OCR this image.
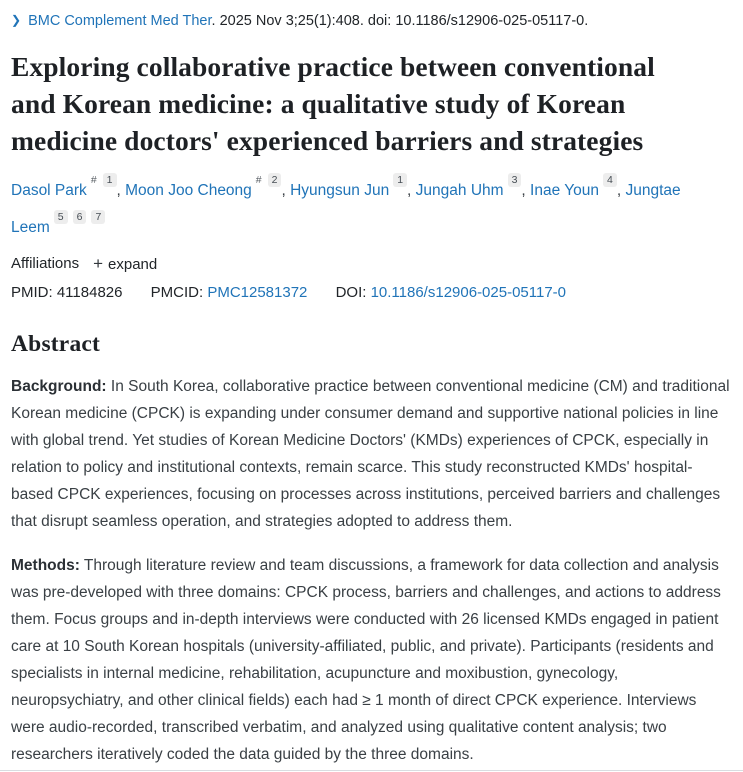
❯ BMC Complement Med Ther. 2025 Nov 3;25(1):408. doi: 10.1186/s12906-025-05117-0.
Exploring collaborative practice between conventional and Korean medicine: a qualitative study of Korean medicine doctors' experienced barriers and strategies
Dasol Park# $^1$, Moon Joo Cheong# $^2$, Hyungsun Jun$^1$, Jungah Uhm$^3$, Inae Youn$^4$, Jungtae Leem$^5$ $^6$ $^7$
Affiliations + expand
PMID: 41184826 PMCID: PMC12581372 DOI: 10.1186/s12906-025-05117-0
Abstract

Background: In South Korea, collaborative practice between conventional medicine (CM) and traditional Korean medicine (CPCK) is expanding under consumer demand and supportive national policies in line with global trend. Yet studies of Korean Medicine Doctors' (KMDs) experiences of CPCK, especially in relation to policy and institutional contexts, remain scarce. This study reconstructed KMDs' hospital-based CPCK experiences, focusing on processes across institutions, perceived barriers and challenges that disrupt seamless operation, and strategies adopted to address them.

Methods: Through literature review and team discussions, a framework for data collection and analysis was pre-developed with three domains: CPCK process, barriers and challenges, and actions to address them. Focus groups and in-depth interviews were conducted with 26 licensed KMDs engaged in patient care at 10 South Korean hospitals (university-affiliated, public, and private). Participants (residents and specialists in internal medicine, rehabilitation, acupuncture and moxibustion, gynecology, neuropsychiatry, and other clinical fields) each had ≥ 1 month of direct CPCK experience. Interviews were audio-recorded, transcribed verbatim, and analyzed using qualitative content analysis; two researchers iteratively coded the data guided by the three domains.
